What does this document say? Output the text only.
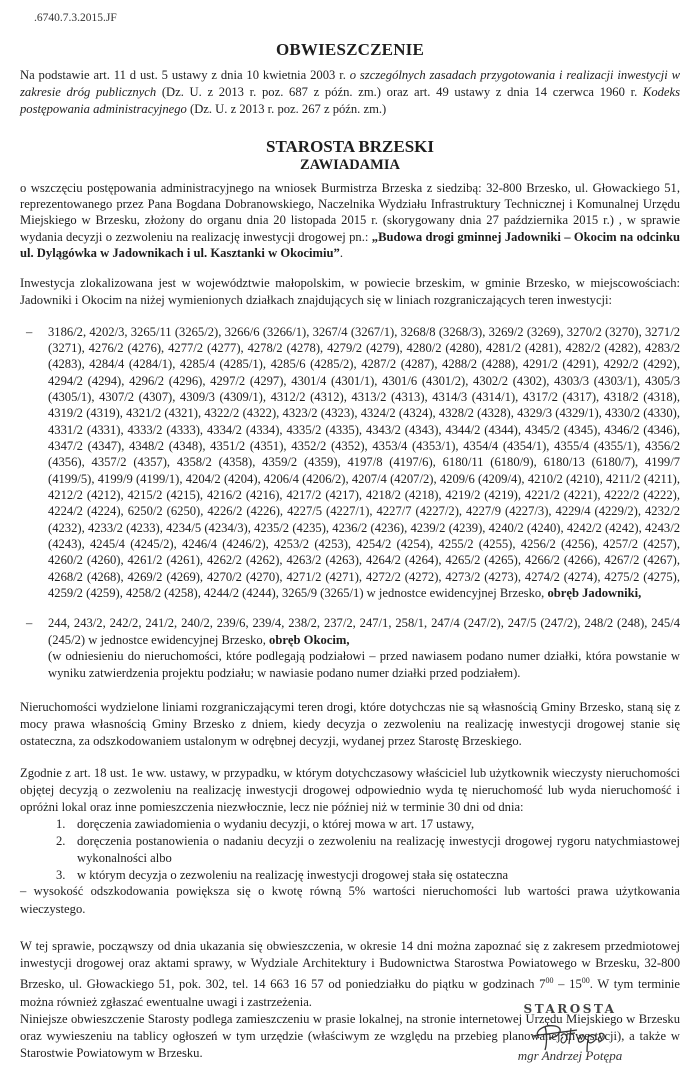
.6740.7.3.2015.JF
OBWIESZCZENIE

Na podstawie art. 11 d ust. 5 ustawy z dnia 10 kwietnia 2003 r. o szczególnych zasadach przygotowania i realizacji inwestycji w zakresie dróg publicznych (Dz. U. z 2013 r. poz. 687 z późn. zm.) oraz art. 49 ustawy z dnia 14 czerwca 1960 r. Kodeks postępowania administracyjnego (Dz. U. z 2013 r. poz. 267 z późn. zm.)

STAROSTA BRZESKI
ZAWIADAMIA

o wszczęciu postępowania administracyjnego na wniosek Burmistrza Brzeska z siedzibą: 32-800 Brzesko, ul. Głowackiego 51, reprezentowanego przez Pana Bogdana Dobranowskiego, Naczelnika Wydziału Infrastruktury Technicznej i Komunalnej Urzędu Miejskiego w Brzesku, złożony do organu dnia 20 listopada 2015 r. (skorygowany dnia 27 października 2015 r.) , w sprawie wydania decyzji o zezwoleniu na realizację inwestycji drogowej pn.: „Budowa drogi gminnej Jadowniki – Okocim na odcinku ul. Dylągówka w Jadownikach i ul. Kasztanki w Okocimiu”.

Inwestycja zlokalizowana jest w województwie małopolskim, w powiecie brzeskim, w gminie Brzesko, w miejscowościach: Jadowniki i Okocim na niżej wymienionych działkach znajdujących się w liniach rozgraniczających teren inwestycji:

– 3186/2, 4202/3, 3265/11 (3265/2), 3266/6 (3266/1), 3267/4 (3267/1), 3268/8 (3268/3), 3269/2 (3269), 3270/2 (3270), 3271/2 (3271), 4276/2 (4276), 4277/2 (4277), 4278/2 (4278), 4279/2 (4279), 4280/2 (4280), 4281/2 (4281), 4282/2 (4282), 4283/2 (4283), 4284/4 (4284/1), 4285/4 (4285/1), 4285/6 (4285/2), 4287/2 (4287), 4288/2 (4288), 4291/2 (4291), 4292/2 (4292), 4294/2 (4294), 4296/2 (4296), 4297/2 (4297), 4301/4 (4301/1), 4301/6 (4301/2), 4302/2 (4302), 4303/3 (4303/1), 4305/3 (4305/1), 4307/2 (4307), 4309/3 (4309/1), 4312/2 (4312), 4313/2 (4313), 4314/3 (4314/1), 4317/2 (4317), 4318/2 (4318), 4319/2 (4319), 4321/2 (4321), 4322/2 (4322), 4323/2 (4323), 4324/2 (4324), 4328/2 (4328), 4329/3 (4329/1), 4330/2 (4330), 4331/2 (4331), 4333/2 (4333), 4334/2 (4334), 4335/2 (4335), 4343/2 (4343), 4344/2 (4344), 4345/2 (4345), 4346/2 (4346), 4347/2 (4347), 4348/2 (4348), 4351/2 (4351), 4352/2 (4352), 4353/4 (4353/1), 4354/4 (4354/1), 4355/4 (4355/1), 4356/2 (4356), 4357/2 (4357), 4358/2 (4358), 4359/2 (4359), 4197/8 (4197/6), 6180/11 (6180/9), 6180/13 (6180/7), 4199/7 (4199/5), 4199/9 (4199/1), 4204/2 (4204), 4206/4 (4206/2), 4207/4 (4207/2), 4209/6 (4209/4), 4210/2 (4210), 4211/2 (4211), 4212/2 (4212), 4215/2 (4215), 4216/2 (4216), 4217/2 (4217), 4218/2 (4218), 4219/2 (4219), 4221/2 (4221), 4222/2 (4222), 4224/2 (4224), 6250/2 (6250), 4226/2 (4226), 4227/5 (4227/1), 4227/7 (4227/2), 4227/9 (4227/3), 4229/4 (4229/2), 4232/2 (4232), 4233/2 (4233), 4234/5 (4234/3), 4235/2 (4235), 4236/2 (4236), 4239/2 (4239), 4240/2 (4240), 4242/2 (4242), 4243/2 (4243), 4245/4 (4245/2), 4246/4 (4246/2), 4253/2 (4253), 4254/2 (4254), 4255/2 (4255), 4256/2 (4256), 4257/2 (4257), 4260/2 (4260), 4261/2 (4261), 4262/2 (4262), 4263/2 (4263), 4264/2 (4264), 4265/2 (4265), 4266/2 (4266), 4267/2 (4267), 4268/2 (4268), 4269/2 (4269), 4270/2 (4270), 4271/2 (4271), 4272/2 (4272), 4273/2 (4273), 4274/2 (4274), 4275/2 (4275), 4259/2 (4259), 4258/2 (4258), 4244/2 (4244), 3265/9 (3265/1) w jednostce ewidencyjnej Brzesko, obręb Jadowniki,
– 244, 243/2, 242/2, 241/2, 240/2, 239/6, 239/4, 238/2, 237/2, 247/1, 258/1, 247/4 (247/2), 247/5 (247/2), 248/2 (248), 245/4 (245/2) w jednostce ewidencyjnej Brzesko, obręb Okocim,

(w odniesieniu do nieruchomości, które podlegają podziałowi – przed nawiasem podano numer działki, która powstanie w wyniku zatwierdzenia projektu podziału; w nawiasie podano numer działki przed podziałem).

Nieruchomości wydzielone liniami rozgraniczającymi teren drogi, które dotychczas nie są własnością Gminy Brzesko, staną się z mocy prawa własnością Gminy Brzesko z dniem, kiedy decyzja o zezwoleniu na realizację inwestycji drogowej stanie się ostateczna, za odszkodowaniem ustalonym w odrębnej decyzji, wydanej przez Starostę Brzeskiego.

Zgodnie z art. 18 ust. 1e ww. ustawy, w przypadku, w którym dotychczasowy właściciel lub użytkownik wieczysty nieruchomości objętej decyzją o zezwoleniu na realizację inwestycji drogowej odpowiednio wyda tę nieruchomość lub wyda nieruchomość i opróżni lokal oraz inne pomieszczenia niezwłocznie, lecz nie później niż w terminie 30 dni od dnia:

1. doręczenia zawiadomienia o wydaniu decyzji, o której mowa w art. 17 ustawy,
2. doręczenia postanowienia o nadaniu decyzji o zezwoleniu na realizację inwestycji drogowej rygoru natychmiastowej wykonalności albo
3. w którym decyzja o zezwoleniu na realizację inwestycji drogowej stała się ostateczna

– wysokość odszkodowania powiększa się o kwotę równą 5% wartości nieruchomości lub wartości prawa użytkowania wieczystego.

W tej sprawie, począwszy od dnia ukazania się obwieszczenia, w okresie 14 dni można zapoznać się z zakresem przedmiotowej inwestycji drogowej oraz aktami sprawy, w Wydziale Architektury i Budownictwa Starostwa Powiatowego w Brzesku, 32-800 Brzesko, ul. Głowackiego 51, pok. 302, tel. 14 663 16 57 od poniedziałku do piątku w godzinach $7^{00} - 15^{00}$. W tym terminie można również zgłaszać ewentualne uwagi i zastrzeżenia.

Niniejsze obwieszczenie Starosty podlega zamieszczeniu w prasie lokalnej, na stronie internetowej Urzędu Miejskiego w Brzesku oraz wywieszeniu na tablicy ogłoszeń w tym urzędzie (właściwym ze względu na przebieg planowanej inwestycji), a także w Starostwie Powiatowym w Brzesku.

STAROSTA
mgr Andrzej Potępa
